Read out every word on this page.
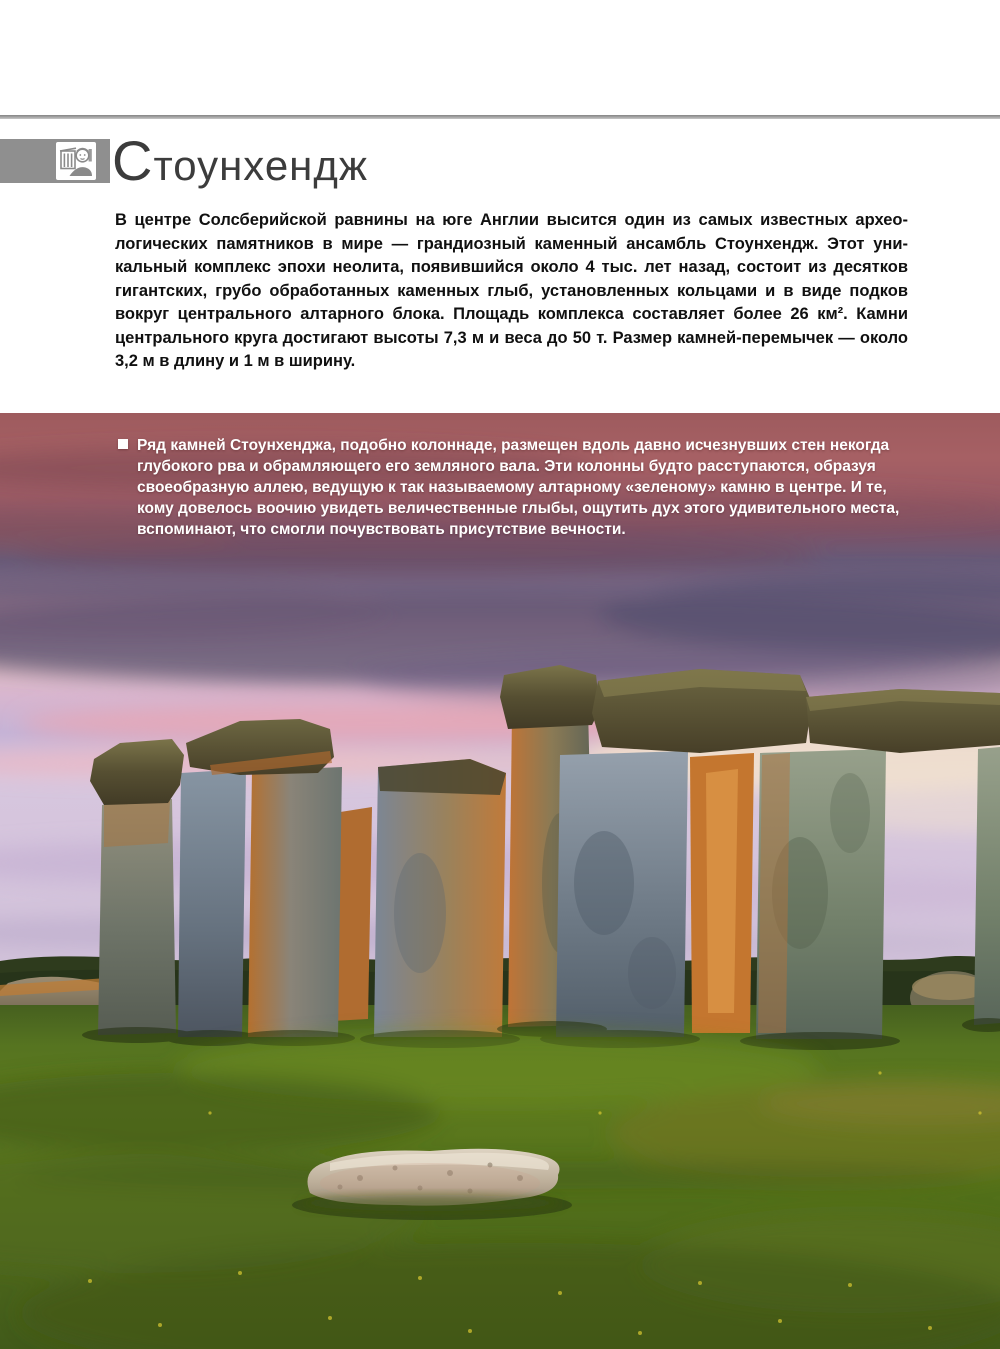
Стоунхендж

В центре Солсберийской равнины на юге Англии высится один из самых известных археологических памятников в мире — грандиозный каменный ансамбль Стоунхендж. Этот уникальный комплекс эпохи неолита, появившийся около 4 тыс. лет назад, состоит из десятков гигантских, грубо обработанных каменных глыб, установленных кольцами и в виде подков вокруг центрального алтарного блока. Площадь комплекса составляет более 26 км². Камни центрального круга достигают высоты 7,3 м и веса до 50 т. Размер камней-перемычек — около 3,2 м в длину и 1 м в ширину.

Ряд камней Стоунхенджа, подобно колоннаде, размещен вдоль давно исчезнувших стен некогда глубокого рва и обрамляющего его земляного вала. Эти колонны будто расступаются, образуя своеобразную аллею, ведущую к так называемому алтарному «зеленому» камню в центре. И те, кому довелось воочию увидеть величественные глыбы, ощутить дух этого удивительного места, вспоминают, что смогли почувствовать присутствие вечности.
